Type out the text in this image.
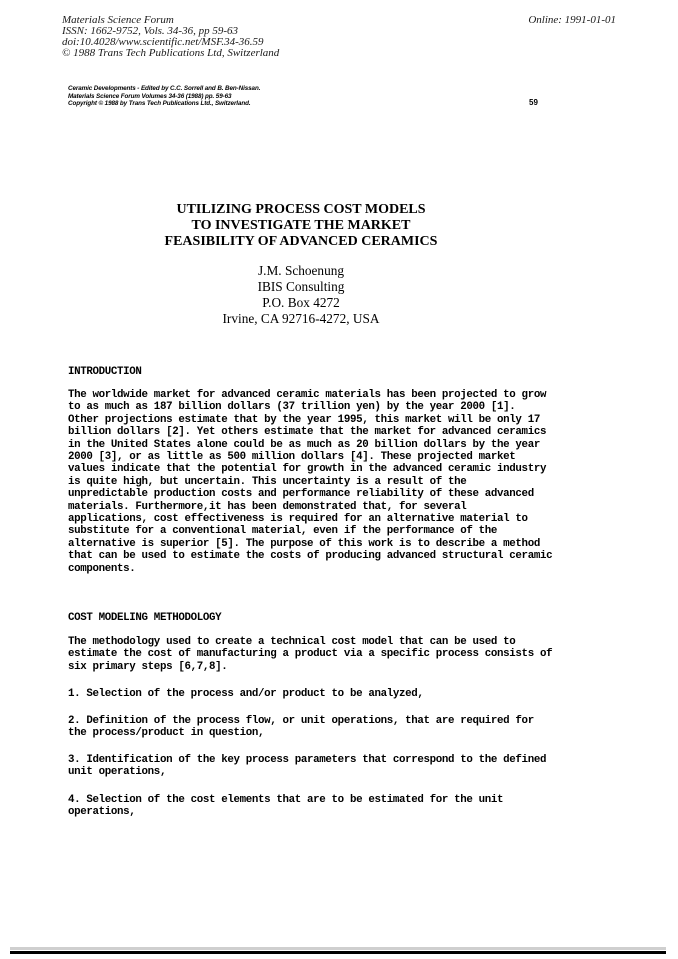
Materials Science Forum
ISSN: 1662-9752, Vols. 34-36, pp 59-63
doi:10.4028/www.scientific.net/MSF.34-36.59
© 1988 Trans Tech Publications Ltd, Switzerland
Online: 1991-01-01
Ceramic Developments - Edited by C.C. Sorrell and B. Ben-Nissan.
Materials Science Forum Volumes 34-36 (1988) pp. 59-63
Copyright © 1988 by Trans Tech Publications Ltd., Switzerland.	59
UTILIZING PROCESS COST MODELS
TO INVESTIGATE THE MARKET
FEASIBILITY OF ADVANCED CERAMICS
J.M. Schoenung
IBIS Consulting
P.O. Box 4272
Irvine, CA 92716-4272, USA
INTRODUCTION
The worldwide market for advanced ceramic materials has been projected to grow
to as much as 187 billion dollars (37 trillion yen) by the year 2000 [1].
Other projections estimate that by the year 1995, this market will be only 17
billion dollars [2]. Yet others estimate that the market for advanced ceramics
in the United States alone could be as much as 20 billion dollars by the year
2000 [3], or as little as 500 million dollars [4]. These projected market
values indicate that the potential for growth in the advanced ceramic industry
is quite high, but uncertain. This uncertainty is a result of the
unpredictable production costs and performance reliability of these advanced
materials. Furthermore,it has been demonstrated that, for several
applications, cost effectiveness is required for an alternative material to
substitute for a conventional material, even if the performance of the
alternative is superior [5]. The purpose of this work is to describe a method
that can be used to estimate the costs of producing advanced structural ceramic
components.
COST MODELING METHODOLOGY
The methodology used to create a technical cost model that can be used to
estimate the cost of manufacturing a product via a specific process consists of
six primary steps [6,7,8].
1. Selection of the process and/or product to be analyzed,
2. Definition of the process flow, or unit operations, that are required for
the process/product in question,
3. Identification of the key process parameters that correspond to the defined
unit operations,
4. Selection of the cost elements that are to be estimated for the unit
operations,
